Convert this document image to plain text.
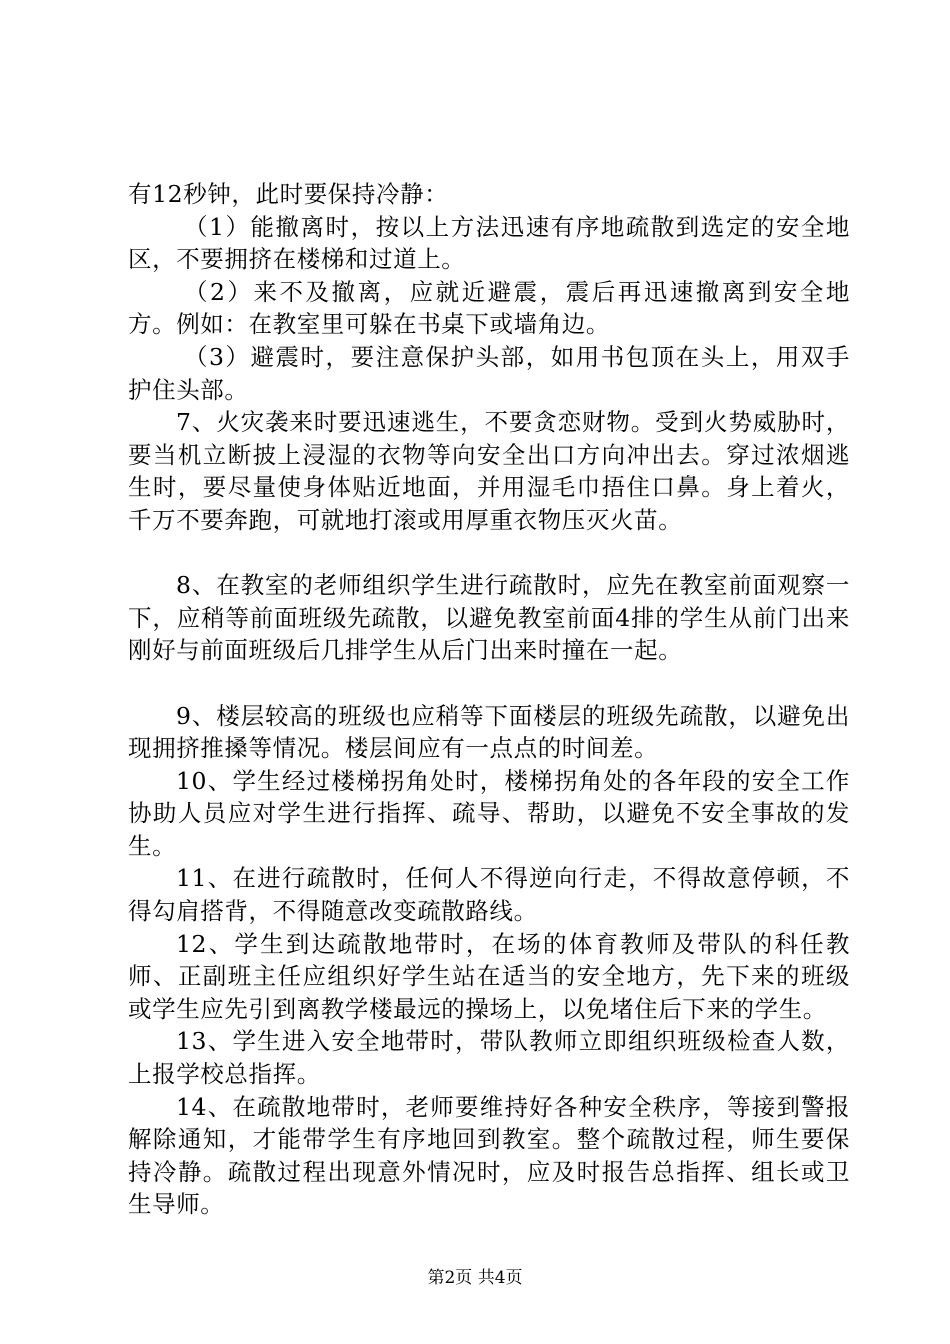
有12秒钟，此时要保持冷静：

（1）能撤离时，按以上方法迅速有序地疏散到选定的安全地区，不要拥挤在楼梯和过道上。

（2）来不及撤离，应就近避震，震后再迅速撤离到安全地方。例如：在教室里可躲在书桌下或墙角边。

（3）避震时，要注意保护头部，如用书包顶在头上，用双手护住头部。

7、火灾袭来时要迅速逃生，不要贪恋财物。受到火势威胁时，要当机立断披上浸湿的衣物等向安全出口方向冲出去。穿过浓烟逃生时，要尽量使身体贴近地面，并用湿毛巾捂住口鼻。身上着火，千万不要奔跑，可就地打滚或用厚重衣物压灭火苗。

8、在教室的老师组织学生进行疏散时，应先在教室前面观察一下，应稍等前面班级先疏散，以避免教室前面4排的学生从前门出来刚好与前面班级后几排学生从后门出来时撞在一起。

9、楼层较高的班级也应稍等下面楼层的班级先疏散，以避免出现拥挤推搡等情况。楼层间应有一点点的时间差。

10、学生经过楼梯拐角处时，楼梯拐角处的各年段的安全工作协助人员应对学生进行指挥、疏导、帮助，以避免不安全事故的发生。

11、在进行疏散时，任何人不得逆向行走，不得故意停顿，不得勾肩搭背，不得随意改变疏散路线。

12、学生到达疏散地带时，在场的体育教师及带队的科任教师、正副班主任应组织好学生站在适当的安全地方，先下来的班级或学生应先引到离教学楼最远的操场上，以免堵住后下来的学生。

13、学生进入安全地带时，带队教师立即组织班级检查人数，上报学校总指挥。

14、在疏散地带时，老师要维持好各种安全秩序，等接到警报解除通知，才能带学生有序地回到教室。整个疏散过程，师生要保持冷静。疏散过程出现意外情况时，应及时报告总指挥、组长或卫生导师。

第2页 共4页
